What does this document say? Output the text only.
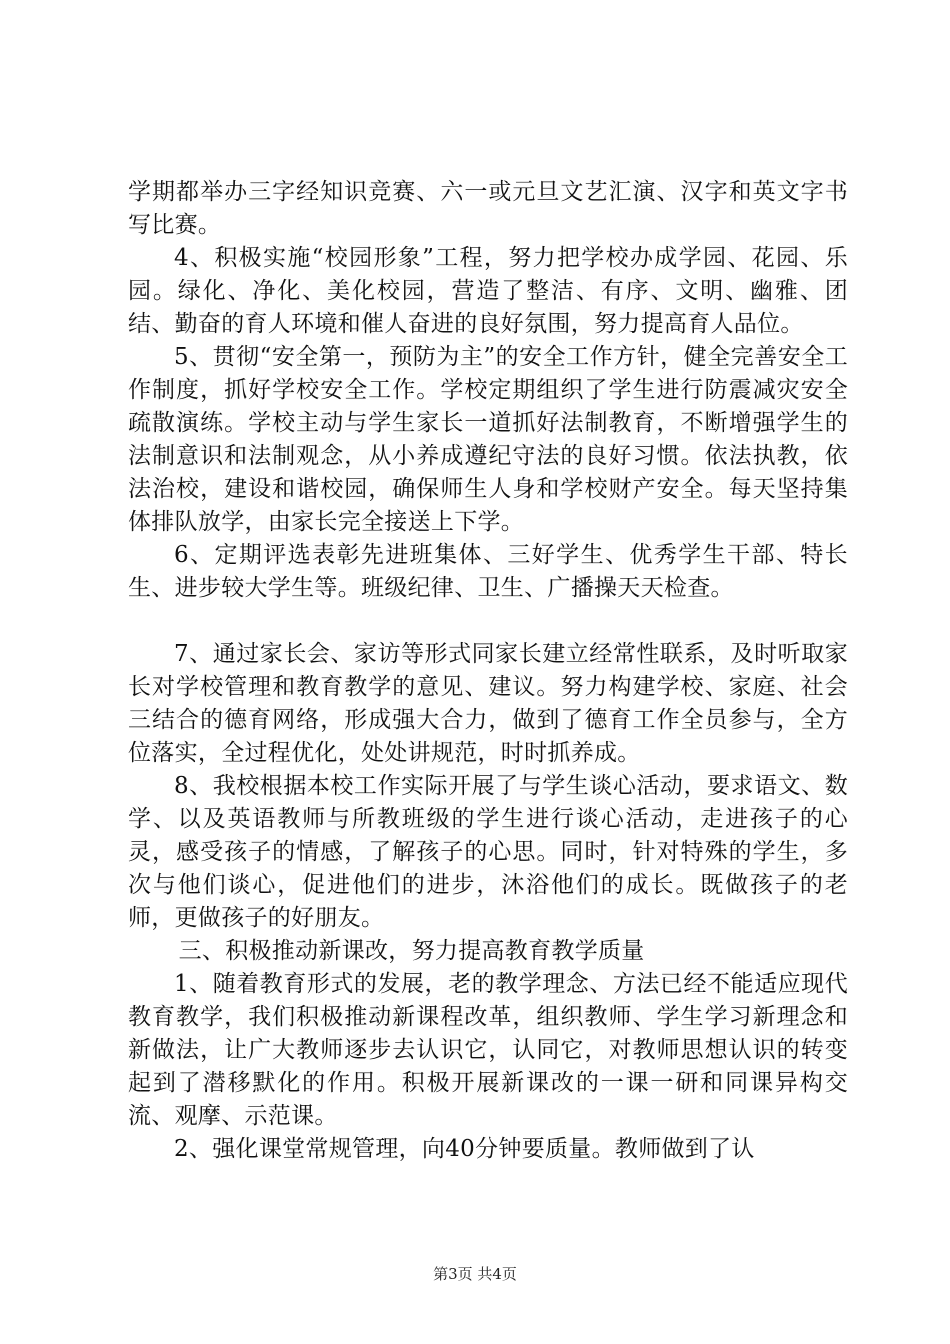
学期都举办三字经知识竞赛、六一或元旦文艺汇演、汉字和英文字书写比赛。

4、积极实施“校园形象”工程，努力把学校办成学园、花园、乐园。绿化、净化、美化校园，营造了整洁、有序、文明、幽雅、团结、勤奋的育人环境和催人奋进的良好氛围，努力提高育人品位。

5、贯彻“安全第一，预防为主”的安全工作方针，健全完善安全工作制度，抓好学校安全工作。学校定期组织了学生进行防震减灾安全疏散演练。学校主动与学生家长一道抓好法制教育，不断增强学生的法制意识和法制观念，从小养成遵纪守法的良好习惯。依法执教，依法治校，建设和谐校园，确保师生人身和学校财产安全。每天坚持集体排队放学，由家长完全接送上下学。

6、定期评选表彰先进班集体、三好学生、优秀学生干部、特长生、进步较大学生等。班级纪律、卫生、广播操天天检查。

7、通过家长会、家访等形式同家长建立经常性联系，及时听取家长对学校管理和教育教学的意见、建议。努力构建学校、家庭、社会三结合的德育网络，形成强大合力，做到了德育工作全员参与，全方位落实，全过程优化，处处讲规范，时时抓养成。

8、我校根据本校工作实际开展了与学生谈心活动，要求语文、数学、以及英语教师与所教班级的学生进行谈心活动，走进孩子的心灵，感受孩子的情感，了解孩子的心思。同时，针对特殊的学生，多次与他们谈心，促进他们的进步，沐浴他们的成长。既做孩子的老师，更做孩子的好朋友。

三、积极推动新课改，努力提高教育教学质量

1、随着教育形式的发展，老的教学理念、方法已经不能适应现代教育教学，我们积极推动新课程改革，组织教师、学生学习新理念和新做法，让广大教师逐步去认识它，认同它，对教师思想认识的转变起到了潜移默化的作用。积极开展新课改的一课一研和同课异构交流、观摩、示范课。

2、强化课堂常规管理，向40分钟要质量。教师做到了认

第3页 共4页
